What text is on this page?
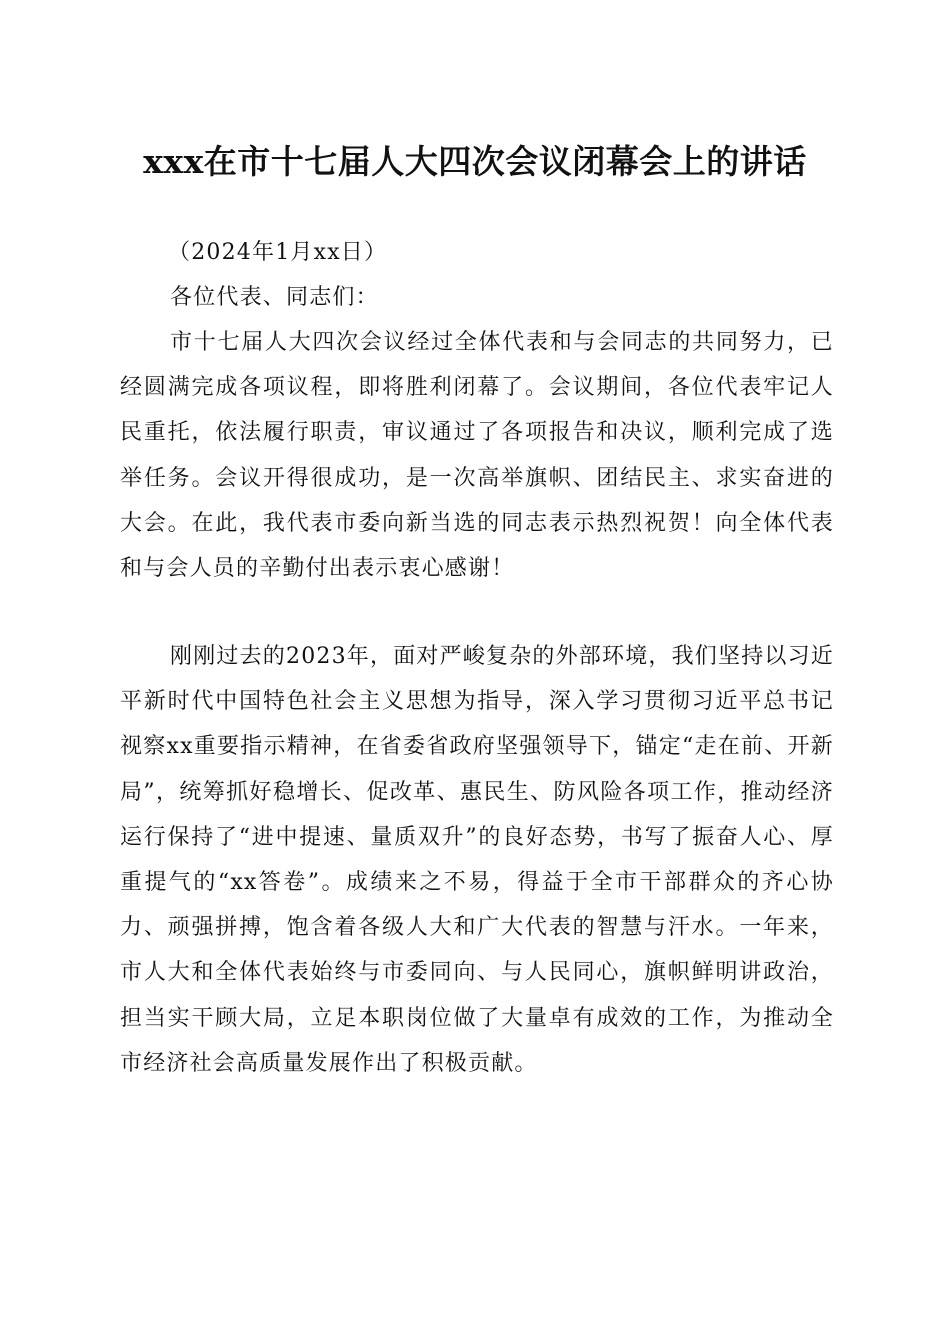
xxx在市十七届人大四次会议闭幕会上的讲话
（2024年1月xx日）
各位代表、同志们：
市十七届人大四次会议经过全体代表和与会同志的共同努力，已经圆满完成各项议程，即将胜利闭幕了。会议期间，各位代表牢记人民重托，依法履行职责，审议通过了各项报告和决议，顺利完成了选举任务。会议开得很成功，是一次高举旗帜、团结民主、求实奋进的大会。在此，我代表市委向新当选的同志表示热烈祝贺！向全体代表和与会人员的辛勤付出表示衷心感谢！
刚刚过去的2023年，面对严峻复杂的外部环境，我们坚持以习近平新时代中国特色社会主义思想为指导，深入学习贯彻习近平总书记视察xx重要指示精神，在省委省政府坚强领导下，锚定“走在前、开新局”，统筹抓好稳增长、促改革、惠民生、防风险各项工作，推动经济运行保持了“进中提速、量质双升”的良好态势，书写了振奋人心、厚重提气的“xx答卷”。成绩来之不易，得益于全市干部群众的齐心协力、顽强拼搏，饱含着各级人大和广大代表的智慧与汗水。一年来，市人大和全体代表始终与市委同向、与人民同心，旗帜鲜明讲政治，担当实干顾大局，立足本职岗位做了大量卓有成效的工作，为推动全市经济社会高质量发展作出了积极贡献。
